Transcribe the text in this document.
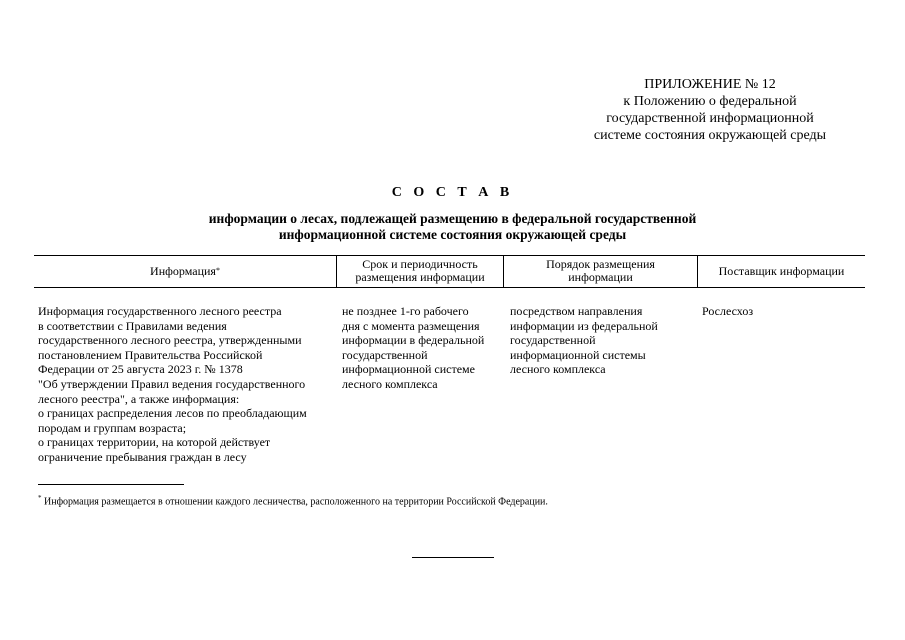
ПРИЛОЖЕНИЕ № 12
к Положению о федеральной
государственной информационной
системе состояния окружающей среды
С О С Т А В
информации о лесах, подлежащей размещению в федеральной государственной
информационной системе состояния окружающей среды
Информация *	Срок и периодичность
размещения информации
Порядок размещения
информации	Поставщик информации
Информация государственного лесного реестра
в соответствии с Правилами ведения
государственного лесного реестра, утвержденными
постановлением Правительства Российской
Федерации от 25 августа 2023 г. № 1378
"Об утверждении Правил ведения государственного
лесного реестра", а также информация:
о границах распределения лесов по преобладающим
породам и группам возраста;
о границах территории, на которой действует
ограничение пребывания граждан в лесу
не позднее 1-го рабочего
дня с момента размещения
информации в федеральной
государственной
информационной системе
лесного комплекса
посредством направления
информации из федеральной
государственной
информационной системы
лесного комплекса
Рослесхоз
* Информация размещается в отношении каждого лесничества, расположенного на территории Российской Федерации.
